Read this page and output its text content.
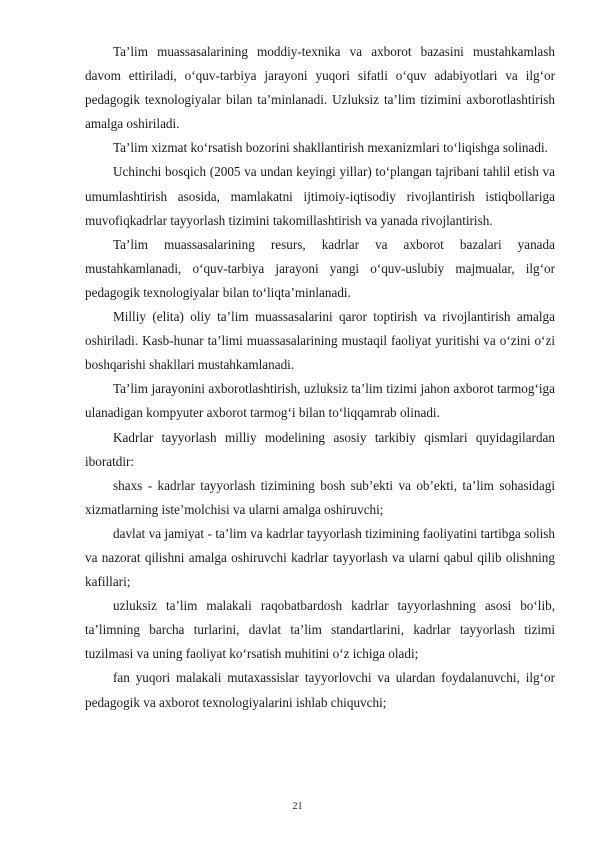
Ta’lim muassasalarining moddiy-texnika va axborot bazasini mustahkamlash davom ettiriladi, o‘quv-tarbiya jarayoni yuqori sifatli o‘quv adabiyotlari va ilg‘or pedagogik texnologiyalar bilan ta’minlanadi. Uzluksiz ta’lim tizimini axborotlashtirish amalga oshiriladi.

Ta’lim xizmat ko‘rsatish bozorini shakllantirish mexanizmlari to‘liqishga solinadi.

Uchinchi bosqich (2005 va undan keyingi yillar) to‘plangan tajribani tahlil etish va umumlashtirish asosida, mamlakatni ijtimoiy-iqtisodiy rivojlantirish istiqbollariga muvofiqkadrlar tayyorlash tizimini takomillashtirish va yanada rivojlantirish.

Ta’lim muassasalarining resurs, kadrlar va axborot bazalari yanada mustahkamlanadi, o‘quv-tarbiya jarayoni yangi o‘quv-uslubiy majmualar, ilg‘or pedagogik texnologiyalar bilan to‘liqta’minlanadi.

Milliy (elita) oliy ta’lim muassasalarini qaror toptirish va rivojlantirish amalga oshiriladi. Kasb-hunar ta’limi muassasalarining mustaqil faoliyat yuritishi va o‘zini o‘zi boshqarishi shakllari mustahkamlanadi.

Ta’lim jarayonini axborotlashtirish, uzluksiz ta’lim tizimi jahon axborot tarmog‘iga ulanadigan kompyuter axborot tarmog‘i bilan to‘liqqamrab olinadi.

Kadrlar tayyorlash milliy modelining asosiy tarkibiy qismlari quyidagilardan iboratdir:

shaxs - kadrlar tayyorlash tizimining bosh sub’ekti va ob’ekti, ta’lim sohasidagi xizmatlarning iste’molchisi va ularni amalga oshiruvchi;

davlat va jamiyat - ta’lim va kadrlar tayyorlash tizimining faoliyatini tartibga solish va nazorat qilishni amalga oshiruvchi kadrlar tayyorlash va ularni qabul qilib olishning kafillari;

uzluksiz ta’lim malakali raqobatbardosh kadrlar tayyorlashning asosi bo‘lib, ta’limning barcha turlarini, davlat ta’lim standartlarini, kadrlar tayyorlash tizimi tuzilmasi va uning faoliyat ko‘rsatish muhitini o‘z ichiga oladi;

fan yuqori malakali mutaxassislar tayyorlovchi va ulardan foydalanuvchi, ilg‘or pedagogik va axborot texnologiyalarini ishlab chiquvchi;

21
